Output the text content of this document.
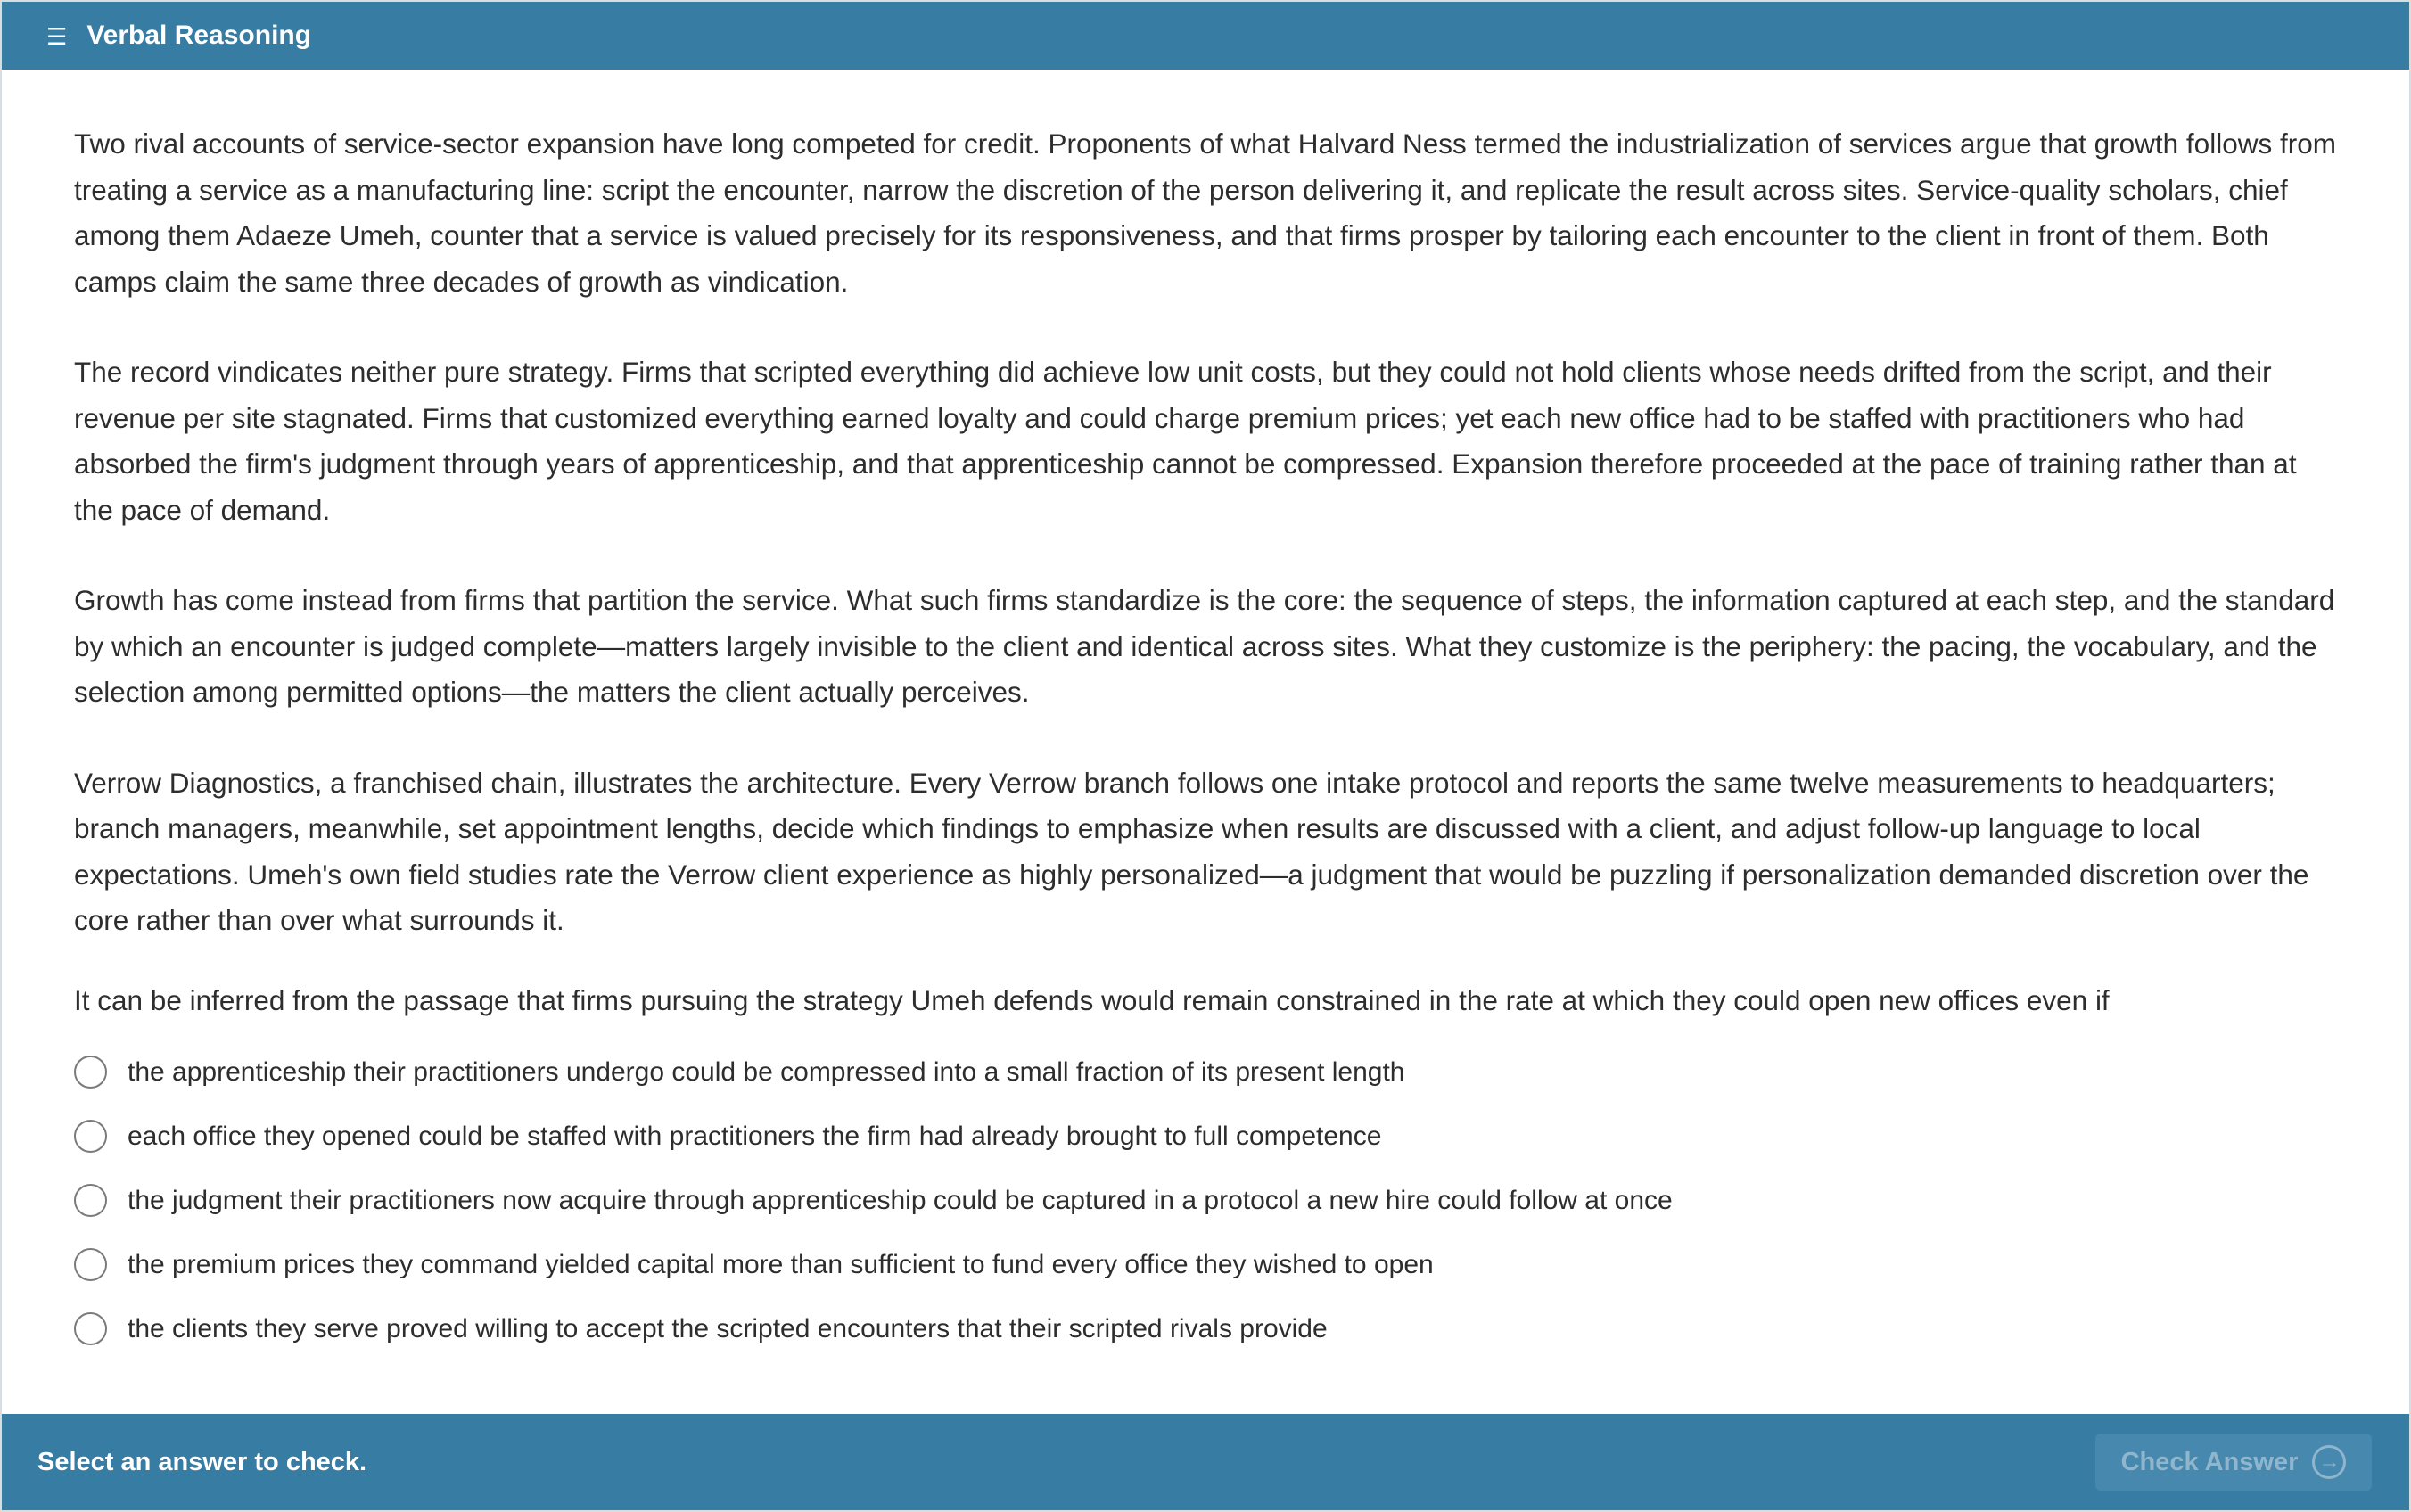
☰ Verbal Reasoning

Two rival accounts of service-sector expansion have long competed for credit. Proponents of what Halvard Ness termed the industrialization of services argue that growth follows from treating a service as a manufacturing line: script the encounter, narrow the discretion of the person delivering it, and replicate the result across sites. Service-quality scholars, chief among them Adaeze Umeh, counter that a service is valued precisely for its responsiveness, and that firms prosper by tailoring each encounter to the client in front of them. Both camps claim the same three decades of growth as vindication.

The record vindicates neither pure strategy. Firms that scripted everything did achieve low unit costs, but they could not hold clients whose needs drifted from the script, and their revenue per site stagnated. Firms that customized everything earned loyalty and could charge premium prices; yet each new office had to be staffed with practitioners who had absorbed the firm's judgment through years of apprenticeship, and that apprenticeship cannot be compressed. Expansion therefore proceeded at the pace of training rather than at the pace of demand.

Growth has come instead from firms that partition the service. What such firms standardize is the core: the sequence of steps, the information captured at each step, and the standard by which an encounter is judged complete—matters largely invisible to the client and identical across sites. What they customize is the periphery: the pacing, the vocabulary, and the selection among permitted options—the matters the client actually perceives.

Verrow Diagnostics, a franchised chain, illustrates the architecture. Every Verrow branch follows one intake protocol and reports the same twelve measurements to headquarters; branch managers, meanwhile, set appointment lengths, decide which findings to emphasize when results are discussed with a client, and adjust follow-up language to local expectations. Umeh's own field studies rate the Verrow client experience as highly personalized—a judgment that would be puzzling if personalization demanded discretion over the core rather than over what surrounds it.

It can be inferred from the passage that firms pursuing the strategy Umeh defends would remain constrained in the rate at which they could open new offices even if
the apprenticeship their practitioners undergo could be compressed into a small fraction of its present length
each office they opened could be staffed with practitioners the firm had already brought to full competence
the judgment their practitioners now acquire through apprenticeship could be captured in a protocol a new hire could follow at once
the premium prices they command yielded capital more than sufficient to fund every office they wished to open
the clients they serve proved willing to accept the scripted encounters that their scripted rivals provide
Select an answer to check.	Check Answer →
